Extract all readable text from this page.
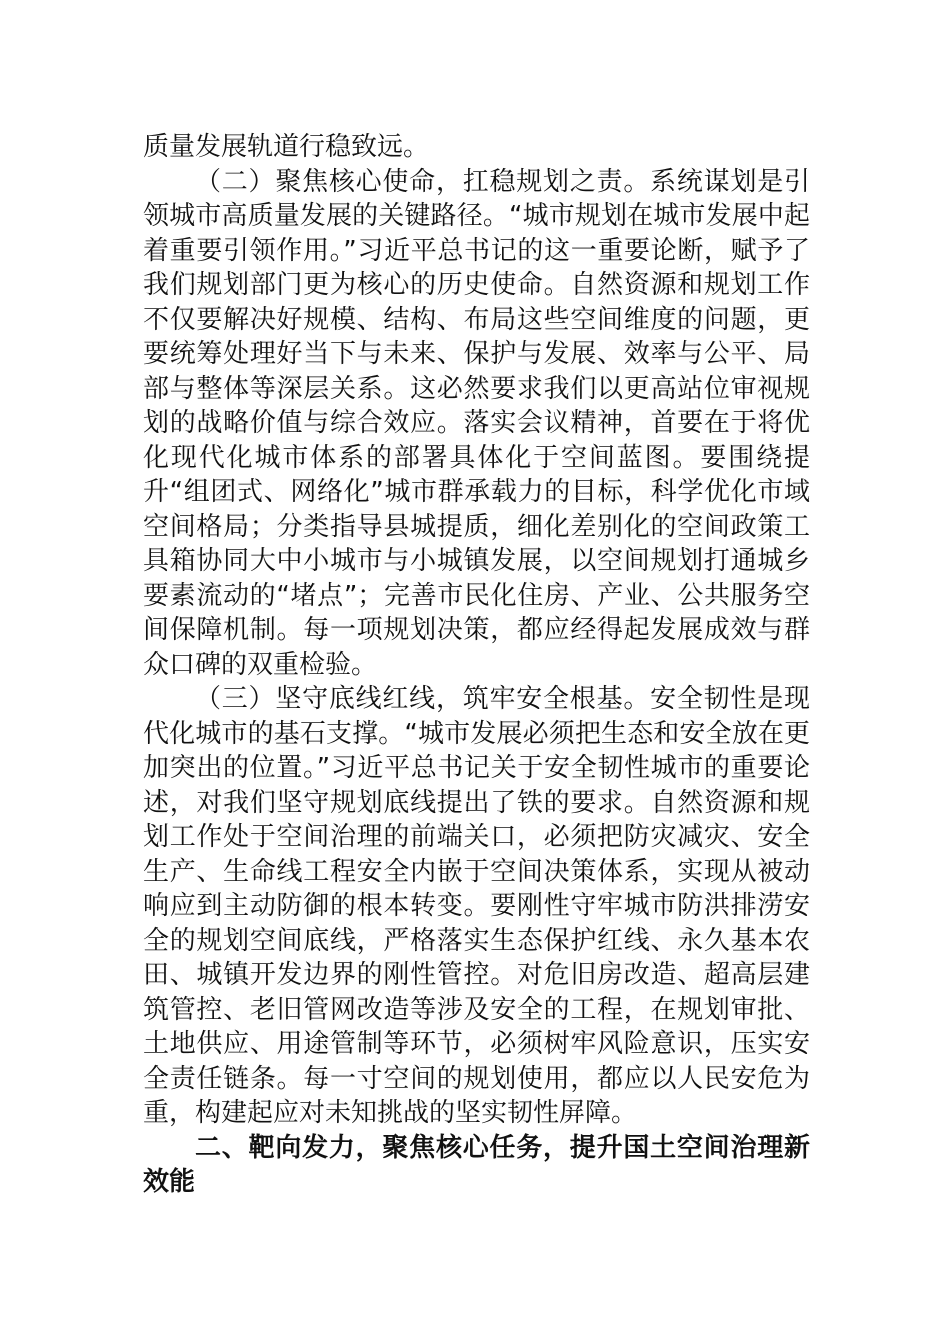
质量发展轨道行稳致远。

（二）聚焦核心使命，扛稳规划之责。系统谋划是引领城市高质量发展的关键路径。“城市规划在城市发展中起着重要引领作用。”习近平总书记的这一重要论断，赋予了我们规划部门更为核心的历史使命。自然资源和规划工作不仅要解决好规模、结构、布局这些空间维度的问题，更要统筹处理好当下与未来、保护与发展、效率与公平、局部与整体等深层关系。这必然要求我们以更高站位审视规划的战略价值与综合效应。落实会议精神，首要在于将优化现代化城市体系的部署具体化于空间蓝图。要围绕提升“组团式、网络化”城市群承载力的目标，科学优化市域空间格局；分类指导县城提质，细化差别化的空间政策工具箱协同大中小城市与小城镇发展，以空间规划打通城乡要素流动的“堵点”；完善市民化住房、产业、公共服务空间保障机制。每一项规划决策，都应经得起发展成效与群众口碑的双重检验。

（三）坚守底线红线，筑牢安全根基。安全韧性是现代化城市的基石支撑。“城市发展必须把生态和安全放在更加突出的位置。”习近平总书记关于安全韧性城市的重要论述，对我们坚守规划底线提出了铁的要求。自然资源和规划工作处于空间治理的前端关口，必须把防灾减灾、安全生产、生命线工程安全内嵌于空间决策体系，实现从被动响应到主动防御的根本转变。要刚性守牢城市防洪排涝安全的规划空间底线，严格落实生态保护红线、永久基本农田、城镇开发边界的刚性管控。对危旧房改造、超高层建筑管控、老旧管网改造等涉及安全的工程，在规划审批、土地供应、用途管制等环节，必须树牢风险意识，压实安全责任链条。每一寸空间的规划使用，都应以人民安危为重，构建起应对未知挑战的坚实韧性屏障。

二、靶向发力，聚焦核心任务，提升国土空间治理新效能
